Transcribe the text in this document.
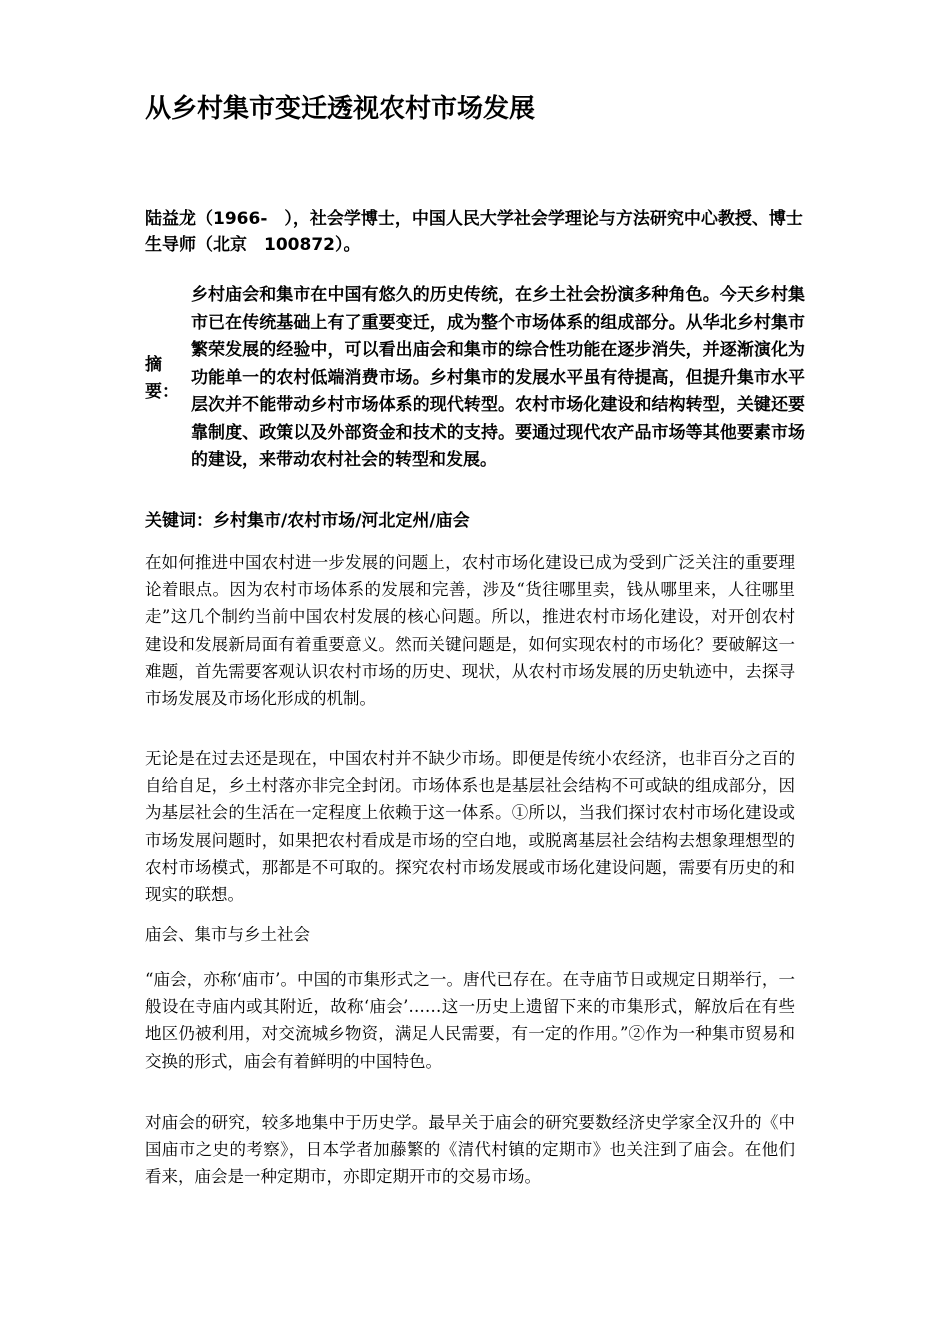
从乡村集市变迁透视农村市场发展

陆益龙（1966-　），社会学博士，中国人民大学社会学理论与方法研究中心教授、博士生导师（北京　100872）。

摘要：

乡村庙会和集市在中国有悠久的历史传统，在乡土社会扮演多种角色。今天乡村集市已在传统基础上有了重要变迁，成为整个市场体系的组成部分。从华北乡村集市繁荣发展的经验中，可以看出庙会和集市的综合性功能在逐步消失，并逐渐演化为功能单一的农村低端消费市场。乡村集市的发展水平虽有待提高，但提升集市水平层次并不能带动乡村市场体系的现代转型。农村市场化建设和结构转型，关键还要靠制度、政策以及外部资金和技术的支持。要通过现代农产品市场等其他要素市场的建设，来带动农村社会的转型和发展。

关键词：乡村集市/农村市场/河北定州/庙会

在如何推进中国农村进一步发展的问题上，农村市场化建设已成为受到广泛关注的重要理论着眼点。因为农村市场体系的发展和完善，涉及“货往哪里卖，钱从哪里来，人往哪里走”这几个制约当前中国农村发展的核心问题。所以，推进农村市场化建设，对开创农村建设和发展新局面有着重要意义。然而关键问题是，如何实现农村的市场化？要破解这一难题，首先需要客观认识农村市场的历史、现状，从农村市场发展的历史轨迹中，去探寻市场发展及市场化形成的机制。

无论是在过去还是现在，中国农村并不缺少市场。即便是传统小农经济，也非百分之百的自给自足，乡土村落亦非完全封闭。市场体系也是基层社会结构不可或缺的组成部分，因为基层社会的生活在一定程度上依赖于这一体系。①所以，当我们探讨农村市场化建设或市场发展问题时，如果把农村看成是市场的空白地，或脱离基层社会结构去想象理想型的农村市场模式，那都是不可取的。探究农村市场发展或市场化建设问题，需要有历史的和现实的联想。

庙会、集市与乡土社会

“庙会，亦称‘庙市’。中国的市集形式之一。唐代已存在。在寺庙节日或规定日期举行，一般设在寺庙内或其附近，故称‘庙会’……这一历史上遗留下来的市集形式，解放后在有些地区仍被利用，对交流城乡物资，满足人民需要，有一定的作用。”②作为一种集市贸易和交换的形式，庙会有着鲜明的中国特色。

对庙会的研究，较多地集中于历史学。最早关于庙会的研究要数经济史学家全汉升的《中国庙市之史的考察》，日本学者加藤繁的《清代村镇的定期市》也关注到了庙会。在他们看来，庙会是一种定期市，亦即定期开市的交易市场。
